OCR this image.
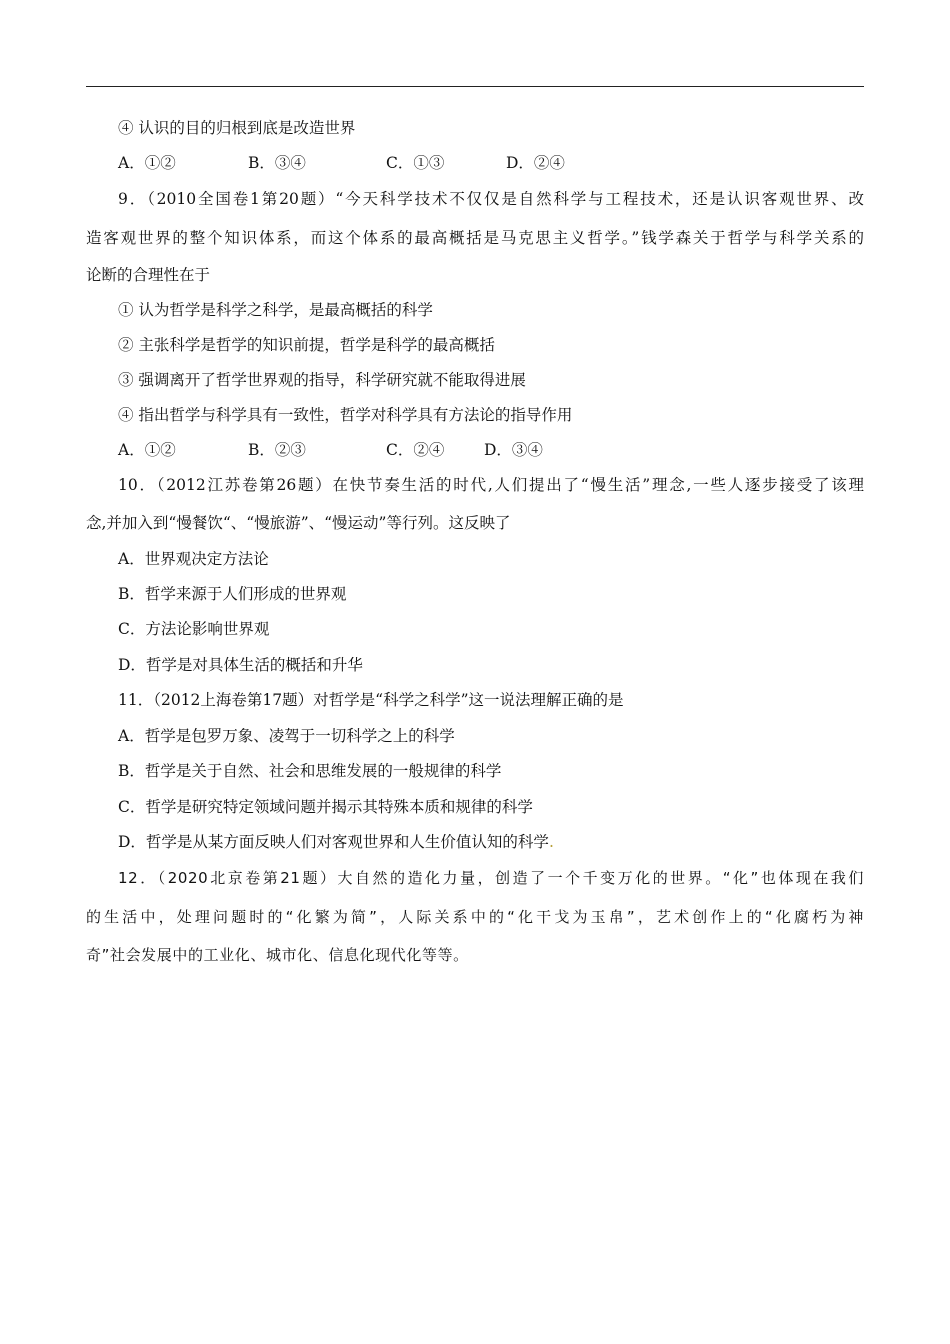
④ 认识的目的归根到底是改造世界
A．①②	B．③④	C．①③	D．②④
9．（2010全国卷1第20题）“今天科学技术不仅仅是自然科学与工程技术，还是认识客观世界、改
造客观世界的整个知识体系，而这个体系的最高概括是马克思主义哲学。”钱学森关于哲学与科学关系的
论断的合理性在于
① 认为哲学是科学之科学，是最高概括的科学
② 主张科学是哲学的知识前提，哲学是科学的最高概括
③ 强调离开了哲学世界观的指导，科学研究就不能取得进展
④ 指出哲学与科学具有一致性，哲学对科学具有方法论的指导作用
A．①②	B．②③	C．②④	D．③④
10．（2012江苏卷第26题）在快节奏生活的时代,人们提出了“慢生活”理念,一些人逐步接受了该理
念,并加入到“慢餐饮“、“慢旅游”、“慢运动”等行列。这反映了
A．世界观决定方法论
B．哲学来源于人们形成的世界观
C．方法论影响世界观
D．哲学是对具体生活的概括和升华
11．（2012上海卷第17题）对哲学是“科学之科学”这一说法理解正确的是
A．哲学是包罗万象、凌驾于一切科学之上的科学
B．哲学是关于自然、社会和思维发展的一般规律的科学
C．哲学是研究特定领域问题并揭示其特殊本质和规律的科学
D．哲学是从某方面反映人们对客观世界和人生价值认知的科学.
12．（2020北京卷第21题）大自然的造化力量，创造了一个千变万化的世界。“化”也体现在我们
的生活中，处理问题时的“化繁为简”，人际关系中的“化干戈为玉帛”，艺术创作上的“化腐朽为神
奇”社会发展中的工业化、城市化、信息化现代化等等。
